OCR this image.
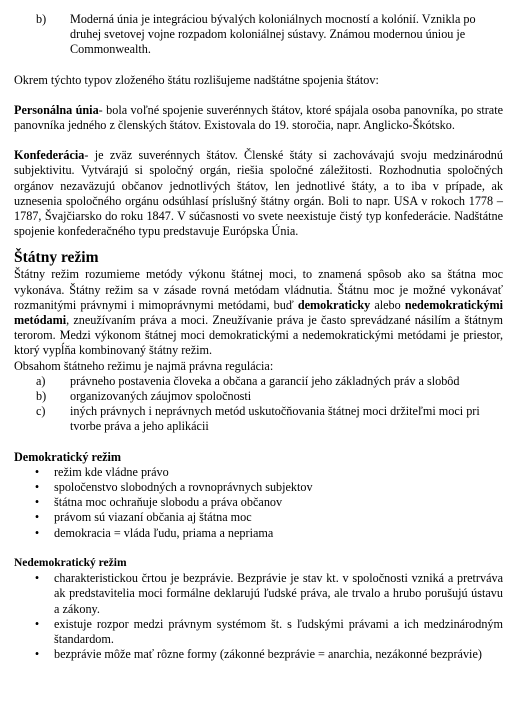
b)	Moderná únia je integráciou bývalých koloniálnych mocností a kolónií. Vznikla po druhej svetovej vojne rozpadom koloniálnej sústavy. Známou modernou úniou je Commonwealth.

Okrem týchto typov zloženého štátu rozlišujeme nadštátne spojenia štátov:

Personálna únia- bola voľné spojenie suverénnych štátov, ktoré spájala osoba panovníka, po strate panovníka jedného z členských štátov. Existovala do 19. storočia, napr. Anglicko-Škótsko.

Konfederácia- je zväz suverénnych štátov. Členské štáty si zachovávajú svoju medzinárodnú subjektivitu. Vytvárajú si spoločný orgán, riešia spoločné záležitosti. Rozhodnutia spoločných orgánov nezaväzujú občanov jednotlivých štátov, len jednotlivé štáty, a to iba v prípade, ak uznesenia spoločného orgánu odsúhlasí príslušný štátny orgán. Boli to napr. USA v rokoch 1778 – 1787, Švajčiarsko do roku 1847. V súčasnosti vo svete neexistuje čistý typ konfederácie. Nadštátne spojenie konfederačného typu predstavuje Európska Únia.

Štátny režim

Štátny režim rozumieme metódy výkonu štátnej moci, to znamená spôsob ako sa štátna moc vykonáva. Štátny režim sa v zásade rovná metódam vládnutia. Štátnu moc je možné vykonávať rozmanitými právnymi i mimoprávnymi metódami, buď demokraticky alebo nedemokratickými metódami, zneužívaním práva a moci. Zneužívanie práva je často sprevádzané násilím a štátnym terorom. Medzi výkonom štátnej moci demokratickými a nedemokratickými metódami je priestor, ktorý vypĺňa kombinovaný štátny režim.

Obsahom štátneho režimu je najmä právna regulácia:

a)	právneho postavenia človeka a občana a garancií jeho základných práv a slobôd
b)	organizovaných záujmov spoločnosti
c)	iných právnych i neprávnych metód uskutočňovania štátnej moci držiteľmi moci pri tvorbe práva a jeho aplikácii

Demokratický režim

•	režim kde vládne právo
•	spoločenstvo slobodných a rovnoprávnych subjektov
•	štátna moc ochraňuje slobodu a práva občanov
•	právom sú viazaní občania aj štátna moc
•	demokracia = vláda ľudu, priama a nepriama

Nedemokratický režim

•	charakteristickou črtou je bezprávie. Bezprávie je stav kt. v spoločnosti vzniká a pretrváva ak predstavitelia moci formálne deklarujú ľudské práva, ale trvalo a hrubo porušujú ústavu a zákony.
•	existuje rozpor medzi právnym systémom št. s ľudskými právami a ich medzinárodným štandardom.
•	bezprávie môže mať rôzne formy (zákonné bezprávie = anarchia, nezákonné bezprávie)
